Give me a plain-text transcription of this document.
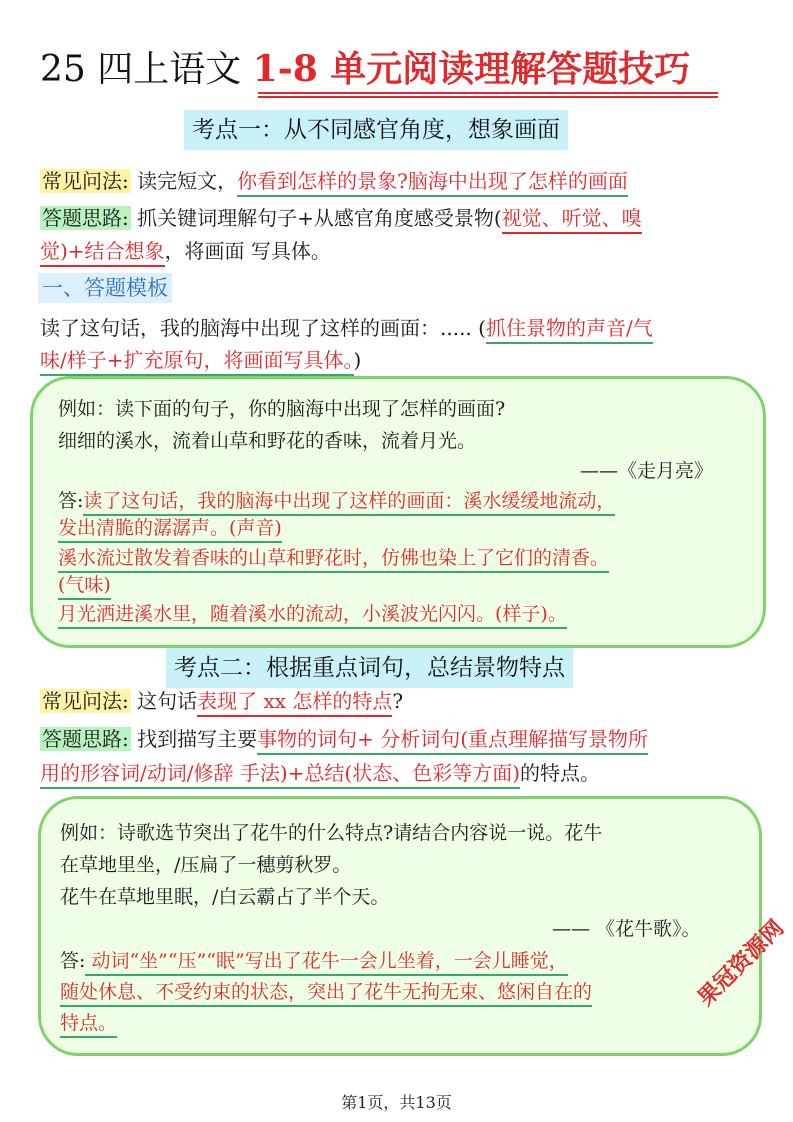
25 四上语文 1-8 单元阅读理解答题技巧
考点一：从不同感官角度，想象画面
常见问法: 读完短文，你看到怎样的景象?脑海中出现了怎样的画面
答题思路: 抓关键词理解句子+从感官角度感受景物(视觉、听觉、嗅
觉)+结合想象，将画面 写具体。
一、答题模板
读了这句话，我的脑海中出现了这样的画面：..... (抓住景物的声音/气
味/样子+扩充原句，将画面写具体。)
例如：读下面的句子，你的脑海中出现了怎样的画面?
细细的溪水，流着山草和野花的香味，流着月光。
——《走月亮》
答:读了这句话，我的脑海中出现了这样的画面：溪水缓缓地流动，
发出清脆的潺潺声。(声音)
溪水流过散发着香味的山草和野花时，仿佛也染上了它们的清香。
(气味)
月光洒进溪水里，随着溪水的流动，小溪波光闪闪。(样子)。
考点二：根据重点词句，总结景物特点
常见问法: 这句话表现了 xx 怎样的特点?
答题思路: 找到描写主要事物的词句+ 分析词句(重点理解描写景物所
用的形容词/动词/修辞 手法)+总结(状态、色彩等方面)的特点。
例如：诗歌选节突出了花牛的什么特点?请结合内容说一说。花牛
在草地里坐，/压扁了一穗剪秋罗。
花牛在草地里眠，/白云霸占了半个天。
—— 《花牛歌》。
答: 动词“坐”“压”“眠”写出了花牛一会儿坐着，一会儿睡觉，
随处休息、不受约束的状态，突出了花牛无拘无束、悠闲自在的
特点。
果冠资源网
第1页，共13页
